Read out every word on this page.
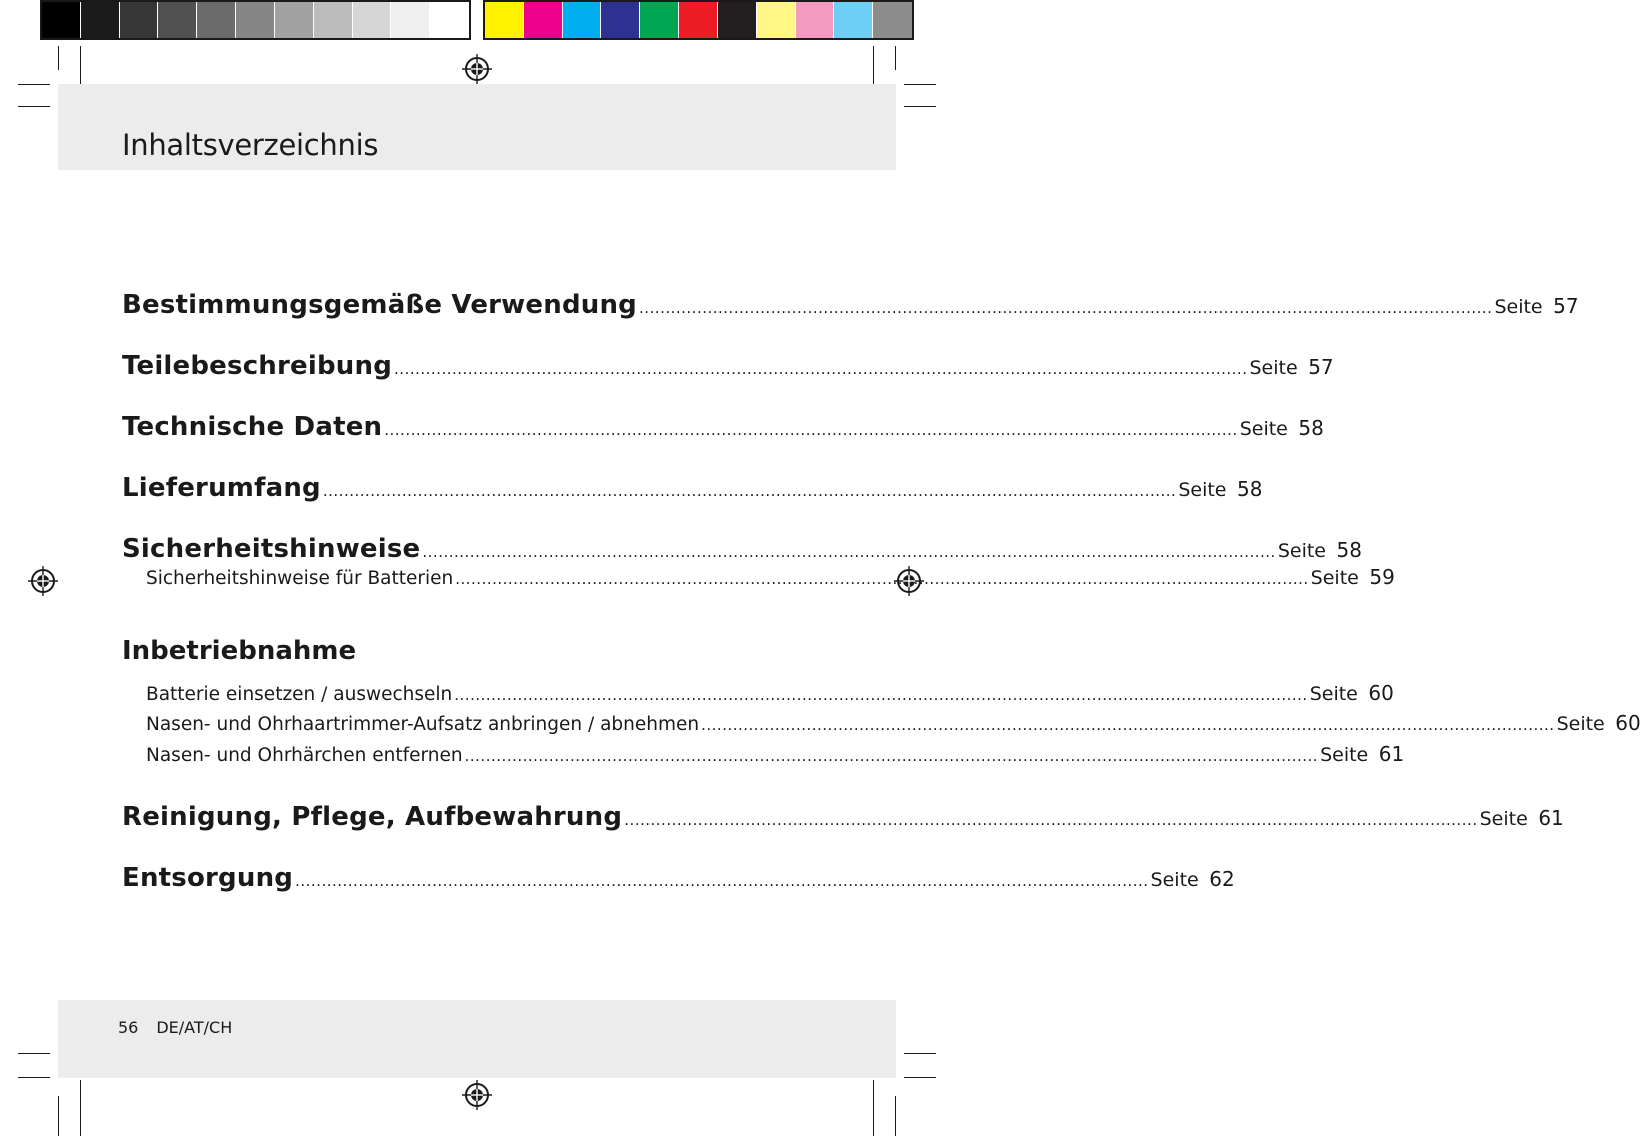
Inhaltsverzeichnis
Bestimmungsgemäße Verwendung .................................................................................................................................................................. Seite 57
Teilebeschreibung .................................................................................................................................................................. Seite 57
Technische Daten .................................................................................................................................................................. Seite 58
Lieferumfang .................................................................................................................................................................. Seite 58
Sicherheitshinweise .................................................................................................................................................................. Seite 58
Sicherheitshinweise für Batterien .................................................................................................................................................................. Seite 59
Inbetriebnahme
Batterie einsetzen / auswechseln .................................................................................................................................................................. Seite 60
Nasen- und Ohrhaartrimmer-Aufsatz anbringen / abnehmen .................................................................................................................................................................. Seite 60
Nasen- und Ohrhärchen entfernen .................................................................................................................................................................. Seite 61
Reinigung, Pflege, Aufbewahrung .................................................................................................................................................................. Seite 61
Entsorgung .................................................................................................................................................................. Seite 62
56 DE/AT/CH
